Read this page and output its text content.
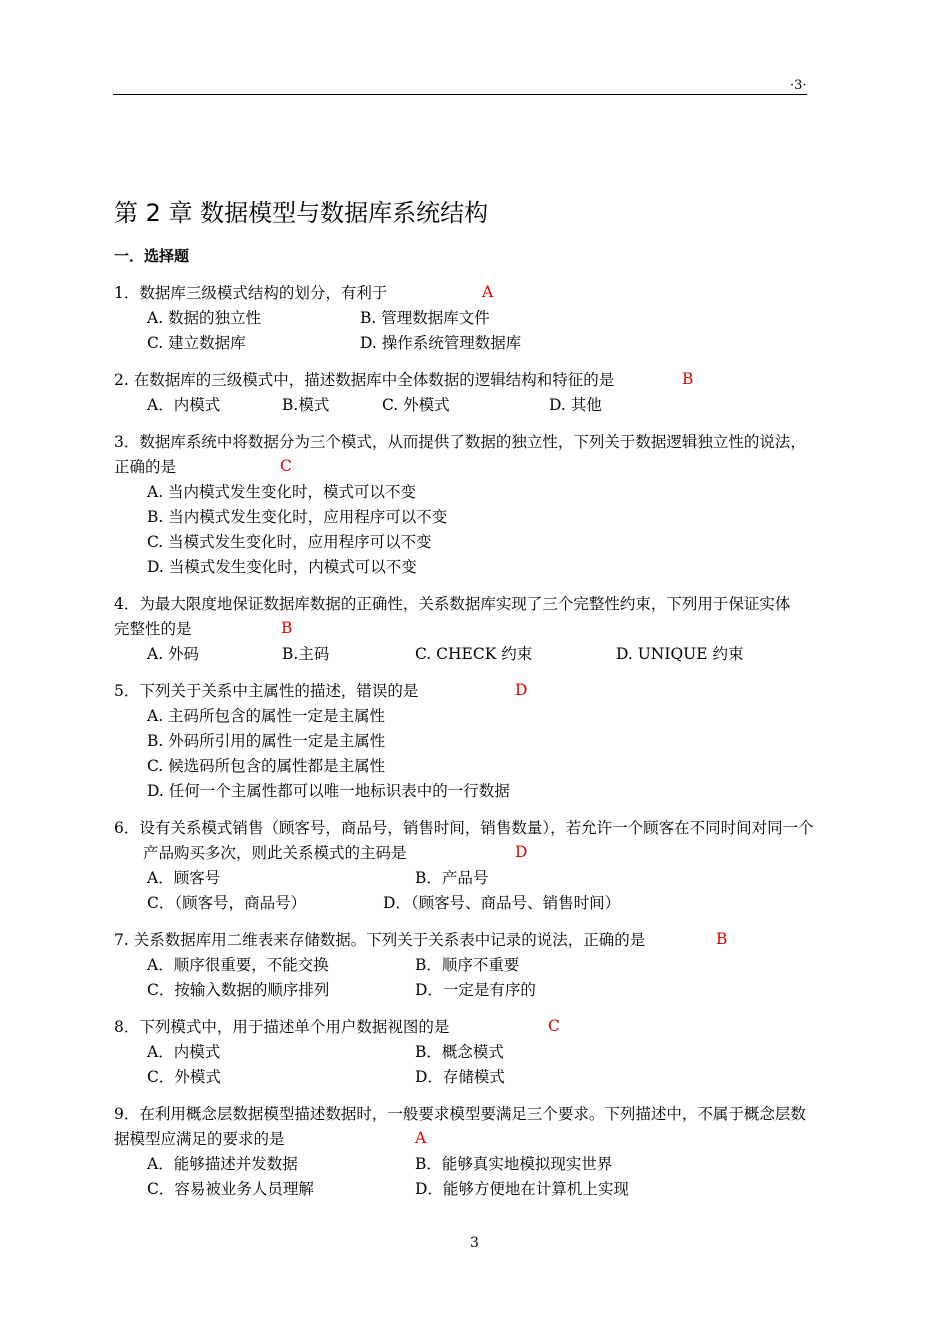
·3·
第 2 章 数据模型与数据库系统结构
一．选择题
1．数据库三级模式结构的划分，有利于	A
A. 数据的独立性	B. 管理数据库文件
C. 建立数据库	D. 操作系统管理数据库
2. 在数据库的三级模式中，描述数据库中全体数据的逻辑结构和特征的是	B
A．内模式	B.模式	C. 外模式	D. 其他
3．数据库系统中将数据分为三个模式，从而提供了数据的独立性，下列关于数据逻辑独立性的说法，
正确的是	C
A. 当内模式发生变化时，模式可以不变
B. 当内模式发生变化时，应用程序可以不变
C. 当模式发生变化时，应用程序可以不变
D. 当模式发生变化时，内模式可以不变
4．为最大限度地保证数据库数据的正确性，关系数据库实现了三个完整性约束，下列用于保证实体
完整性的是	B
A. 外码	B.主码	C. CHECK 约束	D. UNIQUE 约束
5．下列关于关系中主属性的描述，错误的是	D
A. 主码所包含的属性一定是主属性
B. 外码所引用的属性一定是主属性
C. 候选码所包含的属性都是主属性
D. 任何一个主属性都可以唯一地标识表中的一行数据
6．设有关系模式销售（顾客号，商品号，销售时间，销售数量），若允许一个顾客在不同时间对同一个
产品购买多次，则此关系模式的主码是	D
A．顾客号	B．产品号
C．（顾客号，商品号）	D．（顾客号、商品号、销售时间）
7. 关系数据库用二维表来存储数据。下列关于关系表中记录的说法，正确的是	B
A．顺序很重要，不能交换	B．顺序不重要
C．按输入数据的顺序排列	D．一定是有序的
8．下列模式中，用于描述单个用户数据视图的是	C
A．内模式	B．概念模式
C．外模式	D．存储模式
9．在利用概念层数据模型描述数据时，一般要求模型要满足三个要求。下列描述中，不属于概念层数
据模型应满足的要求的是	A
A．能够描述并发数据	B．能够真实地模拟现实世界
C．容易被业务人员理解	D．能够方便地在计算机上实现
3
